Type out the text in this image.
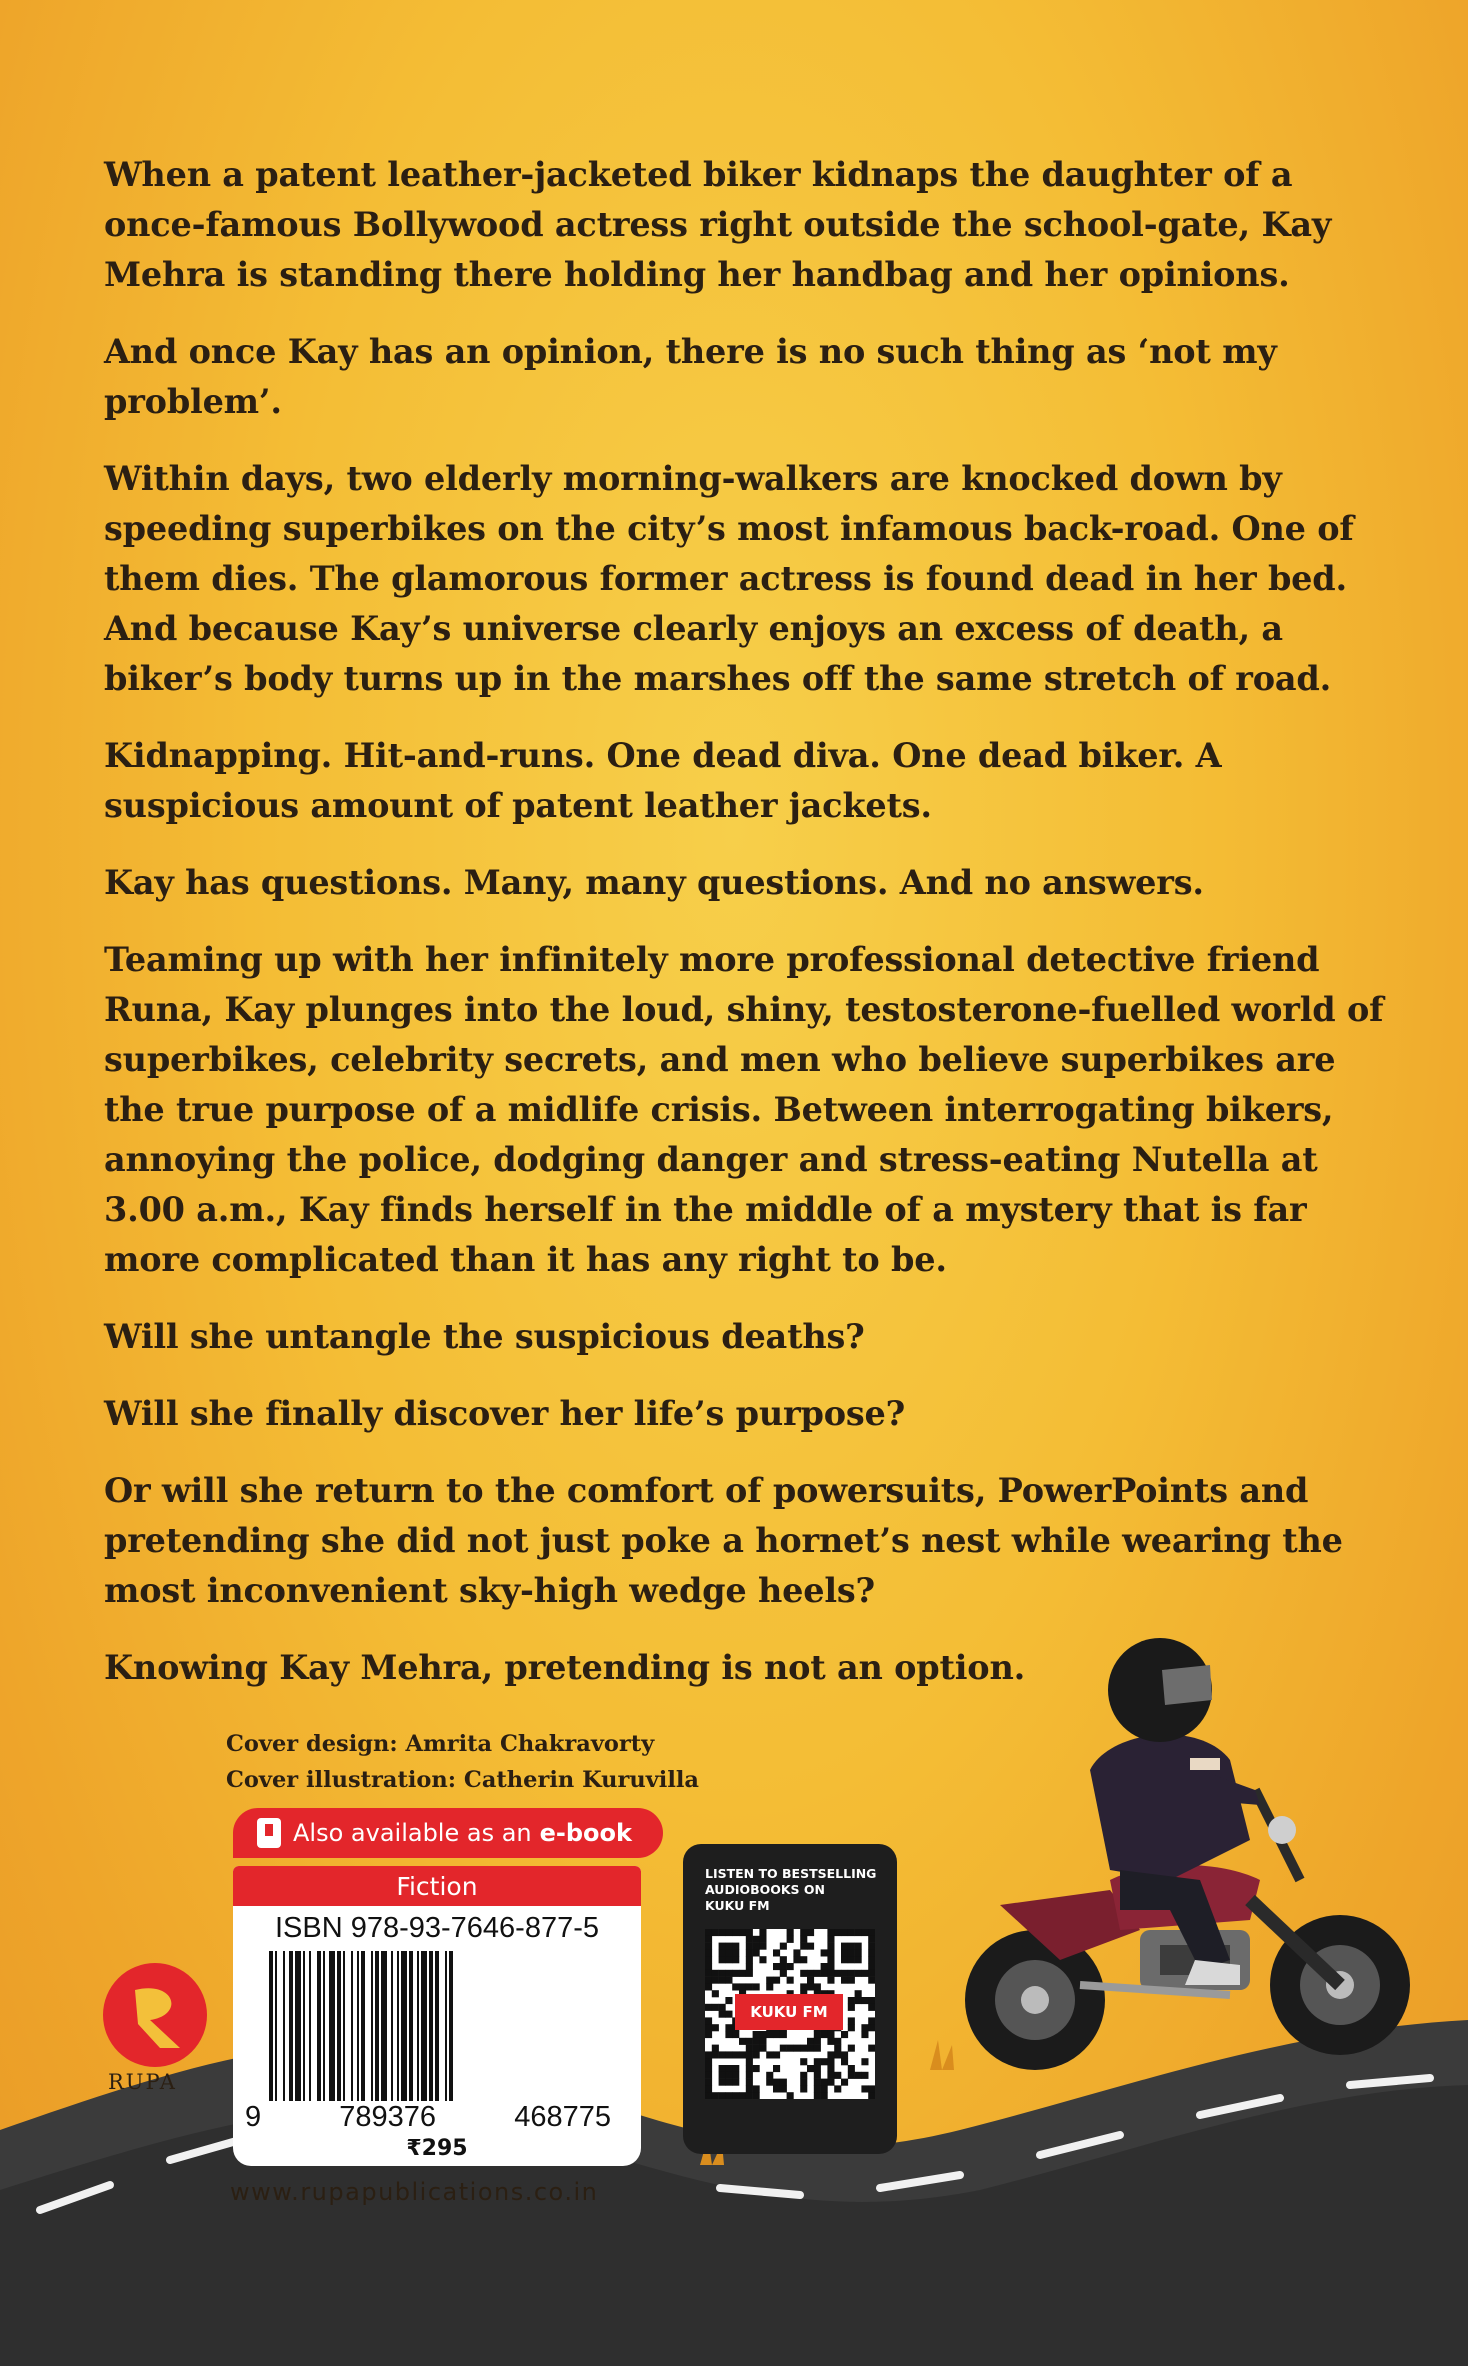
When a patent leather-jacketed biker kidnaps the daughter of a once-famous Bollywood actress right outside the school-gate, Kay Mehra is standing there holding her handbag and her opinions.

And once Kay has an opinion, there is no such thing as ‘not my problem’.

Within days, two elderly morning-walkers are knocked down by speeding superbikes on the city’s most infamous back-road. One of them dies. The glamorous former actress is found dead in her bed. And because Kay’s universe clearly enjoys an excess of death, a biker’s body turns up in the marshes off the same stretch of road.

Kidnapping. Hit-and-runs. One dead diva. One dead biker. A suspicious amount of patent leather jackets.

Kay has questions. Many, many questions. And no answers.

Teaming up with her infinitely more professional detective friend Runa, Kay plunges into the loud, shiny, testosterone-fuelled world of superbikes, celebrity secrets, and men who believe superbikes are the true purpose of a midlife crisis. Between interrogating bikers, annoying the police, dodging danger and stress-eating Nutella at 3.00 a.m., Kay finds herself in the middle of a mystery that is far more complicated than it has any right to be.

Will she untangle the suspicious deaths?

Will she finally discover her life’s purpose?

Or will she return to the comfort of powersuits, PowerPoints and pretending she did not just poke a hornet’s nest while wearing the most inconvenient sky-high wedge heels?

Knowing Kay Mehra, pretending is not an option.

Cover design: Amrita Chakravorty
Cover illustration: Catherin Kuruvilla
Also available as an e-book
Fiction
ISBN 978-93-7646-877-5
9	789376	468775
₹295
LISTEN TO BESTSELLING
AUDIOBOOKS ON
KUKU FM
KUKU FM
RUPA
www.rupapublications.co.in
